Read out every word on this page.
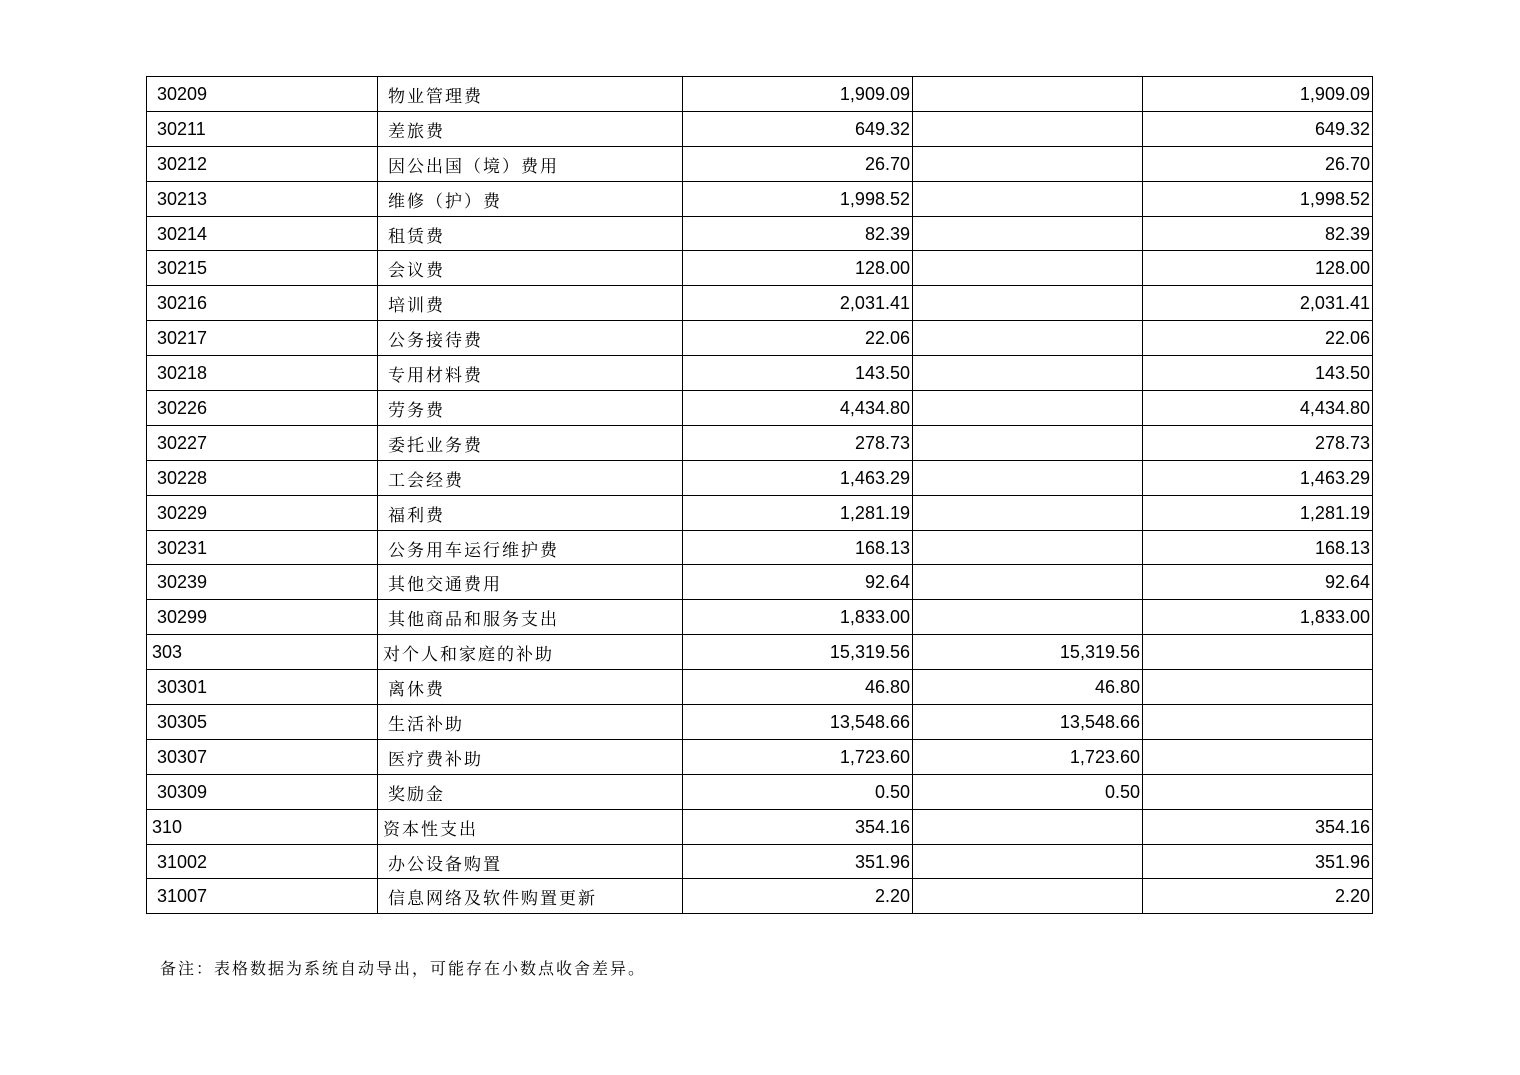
30209	物业管理费	1,909.09		1,909.09
30211	差旅费	649.32		649.32
30212	因公出国（境）费用	26.70		26.70
30213	维修（护）费	1,998.52		1,998.52
30214	租赁费	82.39		82.39
30215	会议费	128.00		128.00
30216	培训费	2,031.41		2,031.41
30217	公务接待费	22.06		22.06
30218	专用材料费	143.50		143.50
30226	劳务费	4,434.80		4,434.80
30227	委托业务费	278.73		278.73
30228	工会经费	1,463.29		1,463.29
30229	福利费	1,281.19		1,281.19
30231	公务用车运行维护费	168.13		168.13
30239	其他交通费用	92.64		92.64
30299	其他商品和服务支出	1,833.00		1,833.00
303	对个人和家庭的补助	15,319.56	15,319.56	
30301	离休费	46.80	46.80	
30305	生活补助	13,548.66	13,548.66	
30307	医疗费补助	1,723.60	1,723.60	
30309	奖励金	0.50	0.50	
310	资本性支出	354.16		354.16
31002	办公设备购置	351.96		351.96
31007	信息网络及软件购置更新	2.20		2.20
备注：表格数据为系统自动导出，可能存在小数点收舍差异。
